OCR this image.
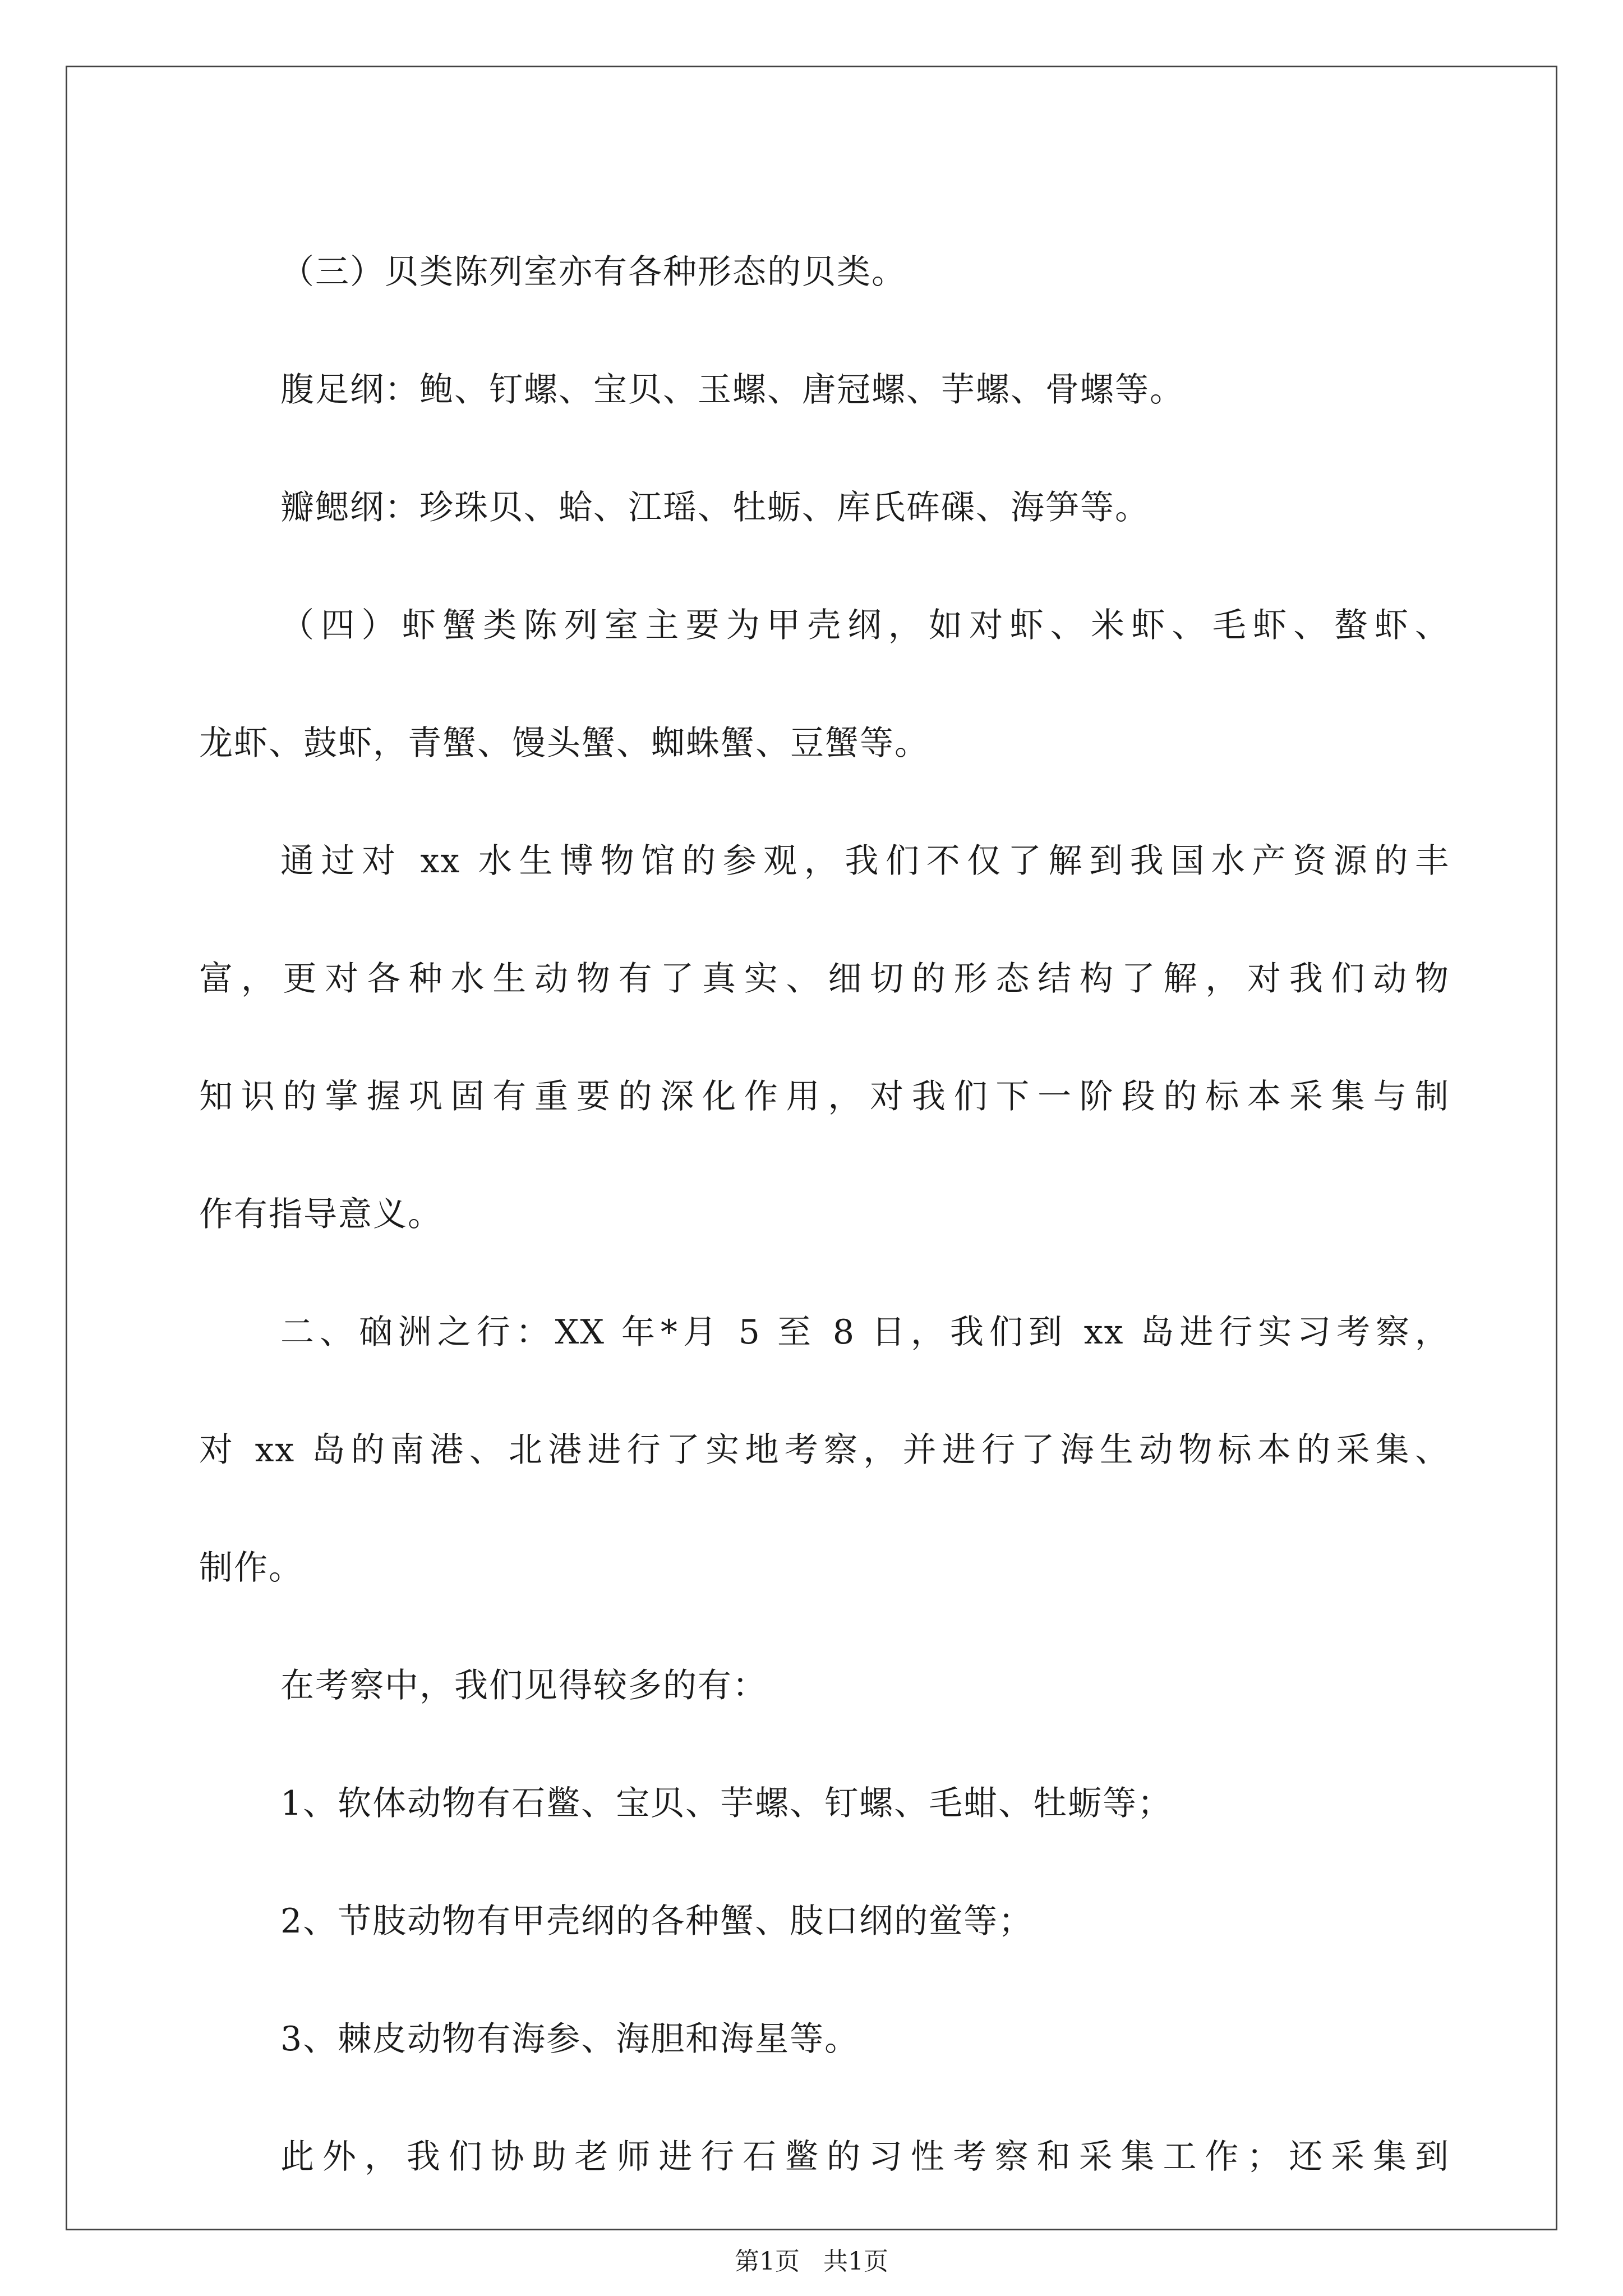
（三）贝类陈列室亦有各种形态的贝类。

腹足纲：鲍、钉螺、宝贝、玉螺、唐冠螺、芋螺、骨螺等。

瓣鳃纲：珍珠贝、蛤、江瑶、牡蛎、库氏砗磲、海笋等。

（四）虾蟹类陈列室主要为甲壳纲，如对虾、米虾、毛虾、螯虾、

龙虾、鼓虾，青蟹、馒头蟹、蜘蛛蟹、豆蟹等。

通过对 xx 水生博物馆的参观，我们不仅了解到我国水产资源的丰

富，更对各种水生动物有了真实、细切的形态结构了解，对我们动物

知识的掌握巩固有重要的深化作用，对我们下一阶段的标本采集与制

作有指导意义。

二、硇洲之行：XX 年*月 5 至 8 日，我们到 xx 岛进行实习考察，

对 xx 岛的南港、北港进行了实地考察，并进行了海生动物标本的采集、

制作。

在考察中，我们见得较多的有：

1、软体动物有石鳖、宝贝、芋螺、钉螺、毛蚶、牡蛎等；

2、节肢动物有甲壳纲的各种蟹、肢口纲的鲎等；

3、棘皮动物有海参、海胆和海星等。

此外，我们协助老师进行石鳖的习性考察和采集工作；还采集到

第1页 共1页
